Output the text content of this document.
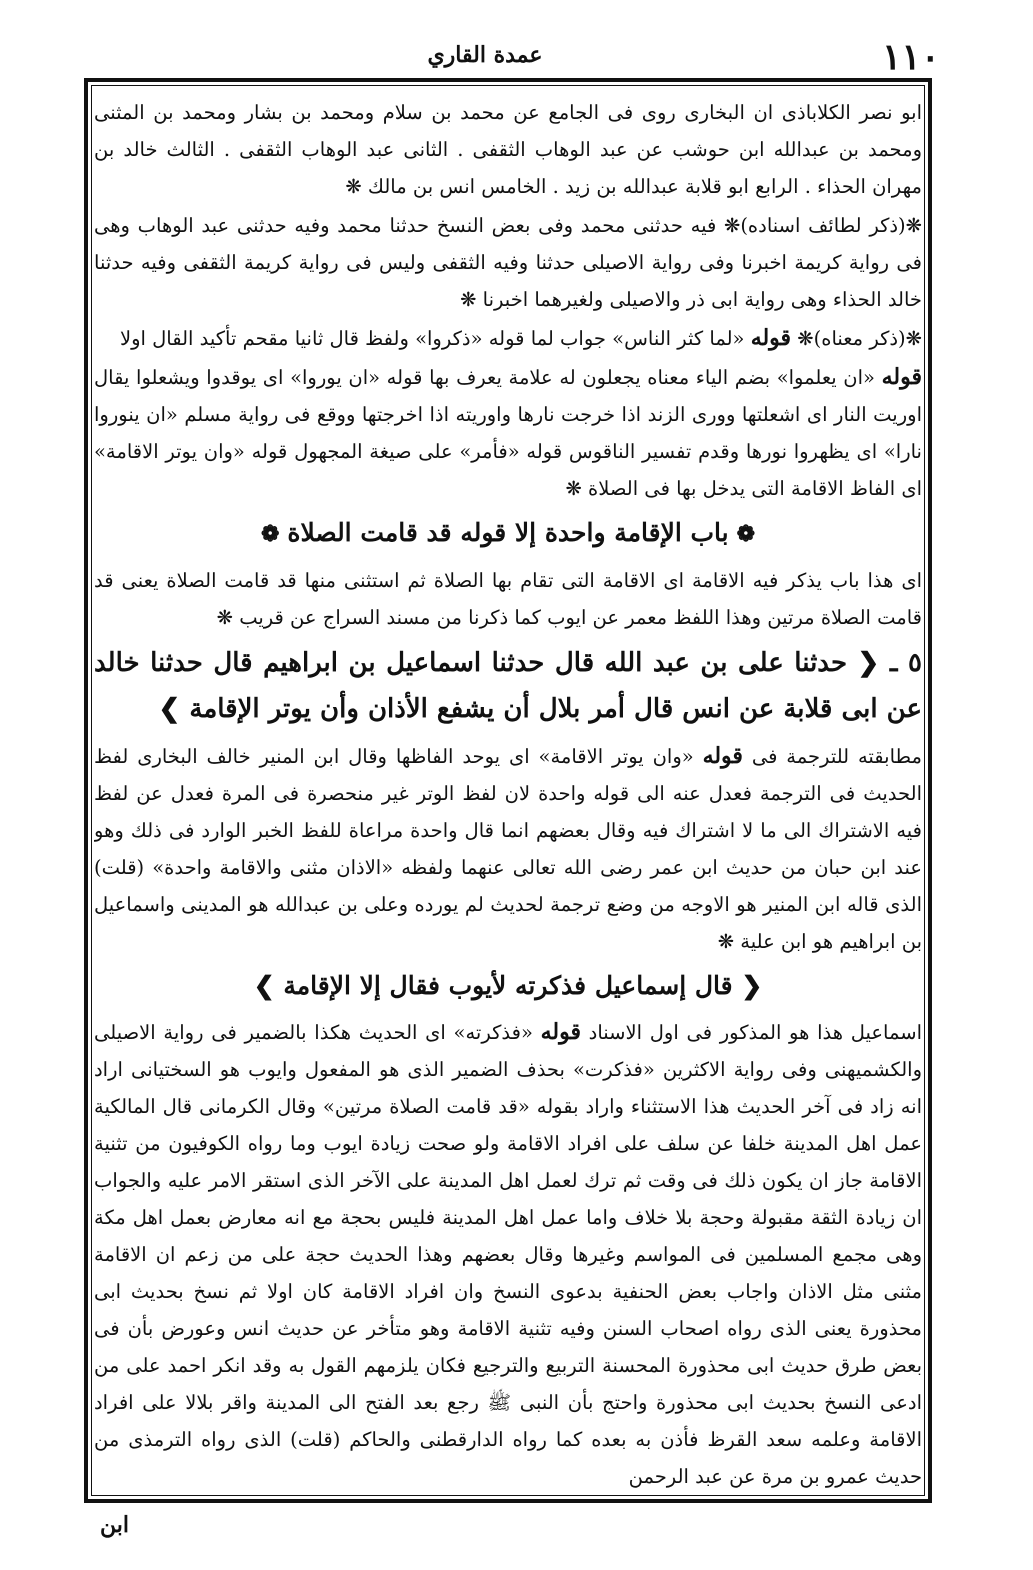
عمدة القاري	١١٠

ابو نصر الكلاباذى ان البخارى روى فى الجامع عن محمد بن سلام ومحمد بن بشار ومحمد بن المثنى ومحمد بن عبدالله ابن حوشب عن عبد الوهاب الثقفى . الثانى عبد الوهاب الثقفى . الثالث خالد بن مهران الحذاء . الرابع ابو قلابة عبدالله بن زيد . الخامس انس بن مالك ❋

❋(ذكر لطائف اسناده)❋ فيه حدثنى محمد وفى بعض النسخ حدثنا محمد وفيه حدثنى عبد الوهاب وهى فى رواية كريمة اخبرنا وفى رواية الاصيلى حدثنا وفيه الثقفى وليس فى رواية كريمة الثقفى وفيه حدثنا خالد الحذاء وهى رواية ابى ذر والاصيلى ولغيرهما اخبرنا ❋

❋(ذكر معناه)❋ قوله «لما كثر الناس» جواب لما قوله «ذكروا» ولفظ قال ثانيا مقحم تأكيد القال اولا

قوله «ان يعلموا» بضم الياء معناه يجعلون له علامة يعرف بها قوله «ان يوروا» اى يوقدوا ويشعلوا يقال اوريت النار اى اشعلتها وورى الزند اذا خرجت نارها واوريته اذا اخرجتها ووقع فى رواية مسلم «ان ينوروا نارا» اى يظهروا نورها وقدم تفسير الناقوس قوله «فأمر» على صيغة المجهول قوله «وان يوتر الاقامة» اى الفاظ الاقامة التى يدخل بها فى الصلاة ❋

❁باب الإقامة واحدة إلا قوله قد قامت الصلاة❁

اى هذا باب يذكر فيه الاقامة اى الاقامة التى تقام بها الصلاة ثم استثنى منها قد قامت الصلاة يعنى قد قامت الصلاة مرتين وهذا اللفظ معمر عن ايوب كما ذكرنا من مسند السراج عن قريب ❋

٥ ـ ❮ حدثنا على بن عبد الله قال حدثنا اسماعيل بن ابراهيم قال حدثنا خالد عن ابى قلابة عن انس قال أمر بلال أن يشفع الأذان وأن يوتر الإقامة ❯

مطابقته للترجمة فى قوله «وان يوتر الاقامة» اى يوحد الفاظها وقال ابن المنير خالف البخارى لفظ الحديث فى الترجمة فعدل عنه الى قوله واحدة لان لفظ الوتر غير منحصرة فى المرة فعدل عن لفظ فيه الاشتراك الى ما لا اشتراك فيه وقال بعضهم انما قال واحدة مراعاة للفظ الخبر الوارد فى ذلك وهو عند ابن حبان من حديث ابن عمر رضى الله تعالى عنهما ولفظه «الاذان مثنى والاقامة واحدة» (قلت) الذى قاله ابن المنير هو الاوجه من وضع ترجمة لحديث لم يورده وعلى بن عبدالله هو المدينى واسماعيل بن ابراهيم هو ابن علية ❋

❮ قال إسماعيل فذكرته لأيوب فقال إلا الإقامة ❯

اسماعيل هذا هو المذكور فى اول الاسناد قوله «فذكرته» اى الحديث هكذا بالضمير فى رواية الاصيلى والكشميهنى وفى رواية الاكثرين «فذكرت» بحذف الضمير الذى هو المفعول وايوب هو السختيانى اراد انه زاد فى آخر الحديث هذا الاستثناء واراد بقوله «قد قامت الصلاة مرتين» وقال الكرمانى قال المالكية عمل اهل المدينة خلفا عن سلف على افراد الاقامة ولو صحت زيادة ايوب وما رواه الكوفيون من تثنية الاقامة جاز ان يكون ذلك فى وقت ثم ترك لعمل اهل المدينة على الآخر الذى استقر الامر عليه والجواب ان زيادة الثقة مقبولة وحجة بلا خلاف واما عمل اهل المدينة فليس بحجة مع انه معارض بعمل اهل مكة وهى مجمع المسلمين فى المواسم وغيرها وقال بعضهم وهذا الحديث حجة على من زعم ان الاقامة مثنى مثل الاذان واجاب بعض الحنفية بدعوى النسخ وان افراد الاقامة كان اولا ثم نسخ بحديث ابى محذورة يعنى الذى رواه اصحاب السنن وفيه تثنية الاقامة وهو متأخر عن حديث انس وعورض بأن فى بعض طرق حديث ابى محذورة المحسنة التربيع والترجيع فكان يلزمهم القول به وقد انكر احمد على من ادعى النسخ بحديث ابى محذورة واحتج بأن النبى ﷺ رجع بعد الفتح الى المدينة واقر بلالا على افراد الاقامة وعلمه سعد القرظ فأذن به بعده كما رواه الدارقطنى والحاكم (قلت) الذى رواه الترمذى من حديث عمرو بن مرة عن عبد الرحمن

ابن
